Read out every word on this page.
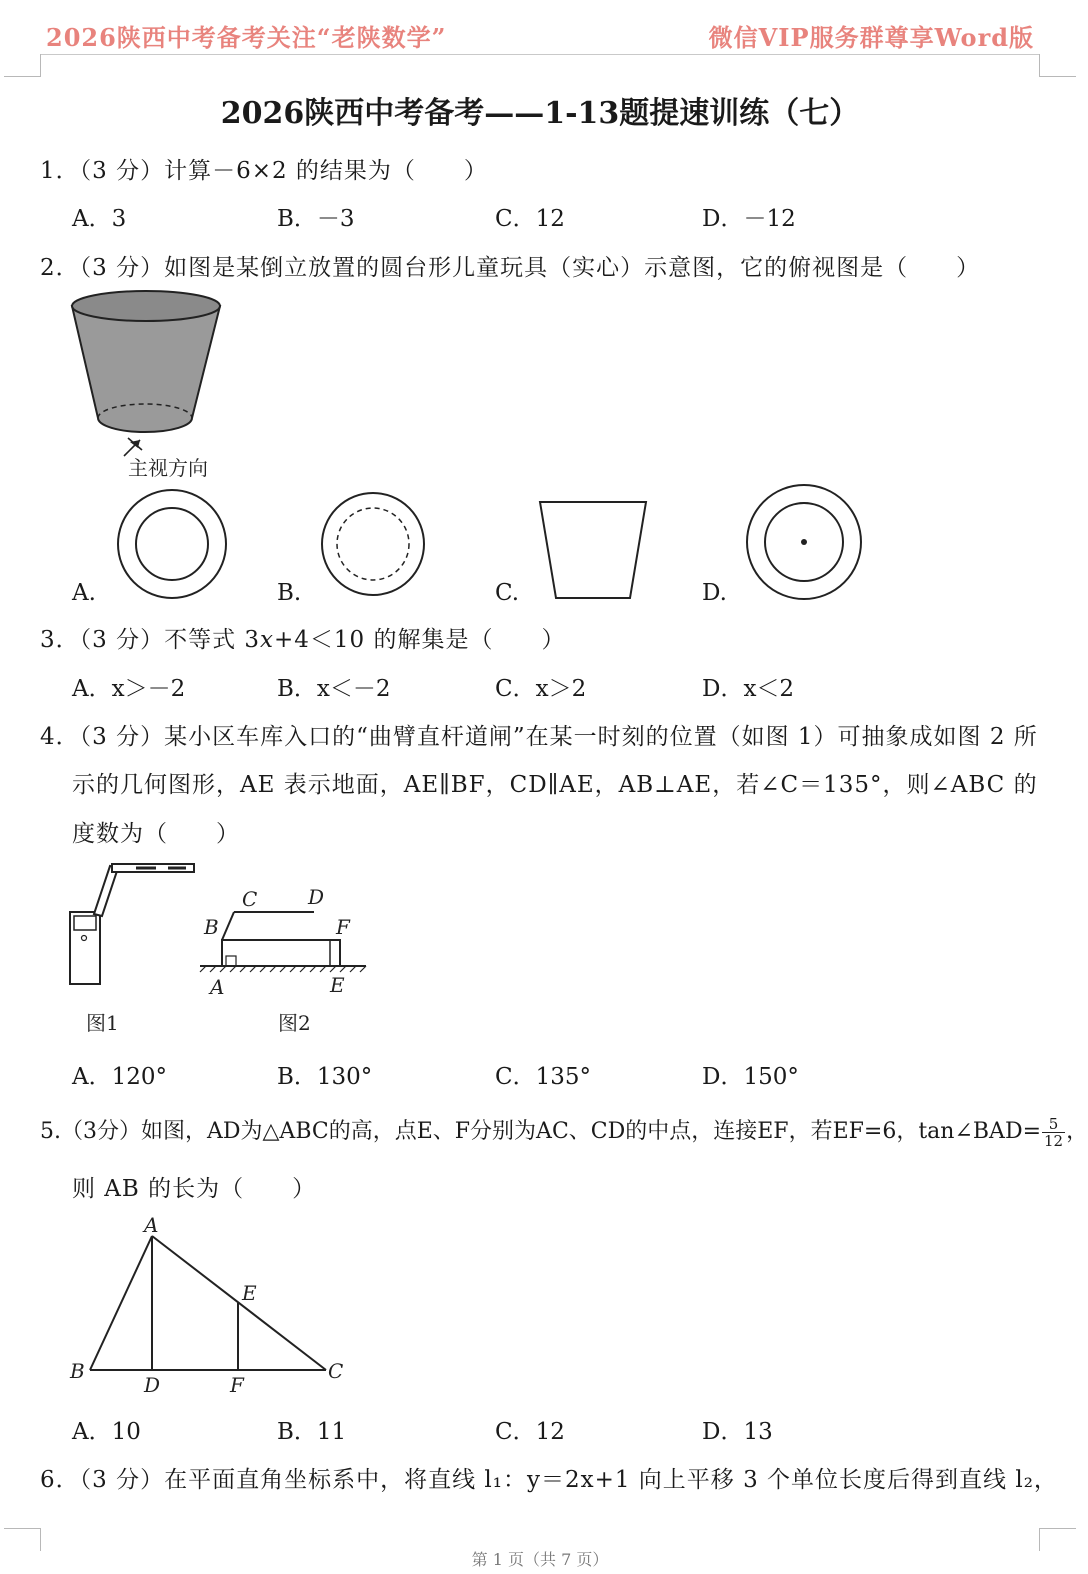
2026陕西中考备考关注“老陕数学”	微信VIP服务群尊享Word版
2026陕西中考备考——1-13题提速训练（七）
1．（3 分）计算－6×2 的结果为（　　）
A．3	B．－3	C．12	D．－12
2．（3 分）如图是某倒立放置的圆台形儿童玩具（实心）示意图，它的俯视图是（　　）
主视方向
A.	B.	C.	D.
3．（3 分）不等式 3x+4＜10 的解集是（　　）
A．x＞－2	B．x＜－2	C．x＞2	D．x＜2
4．（3 分）某小区车库入口的“曲臂直杆道闸”在某一时刻的位置（如图 1）可抽象成如图 2 所
示的几何图形，AE 表示地面，AE∥BF，CD∥AE，AB⊥AE，若∠C＝135°，则∠ABC 的
度数为（　　）
图1
C	D
B	F
A	E
图2
A．120°	B．130°	C．135°	D．150°
5.（3分）如图，AD为△ABC的高，点E、F分别为AC、CD的中点，连接EF，若EF=6，tan∠BAD= $\frac{5}{12}$ ，
则 AB 的长为（　　）
A
E
B
D	F
C
A．10	B．11	C．12	D．13
6．（3 分）在平面直角坐标系中，将直线 l₁：y＝2x+1 向上平移 3 个单位长度后得到直线 l₂，
第 1 页（共 7 页）
